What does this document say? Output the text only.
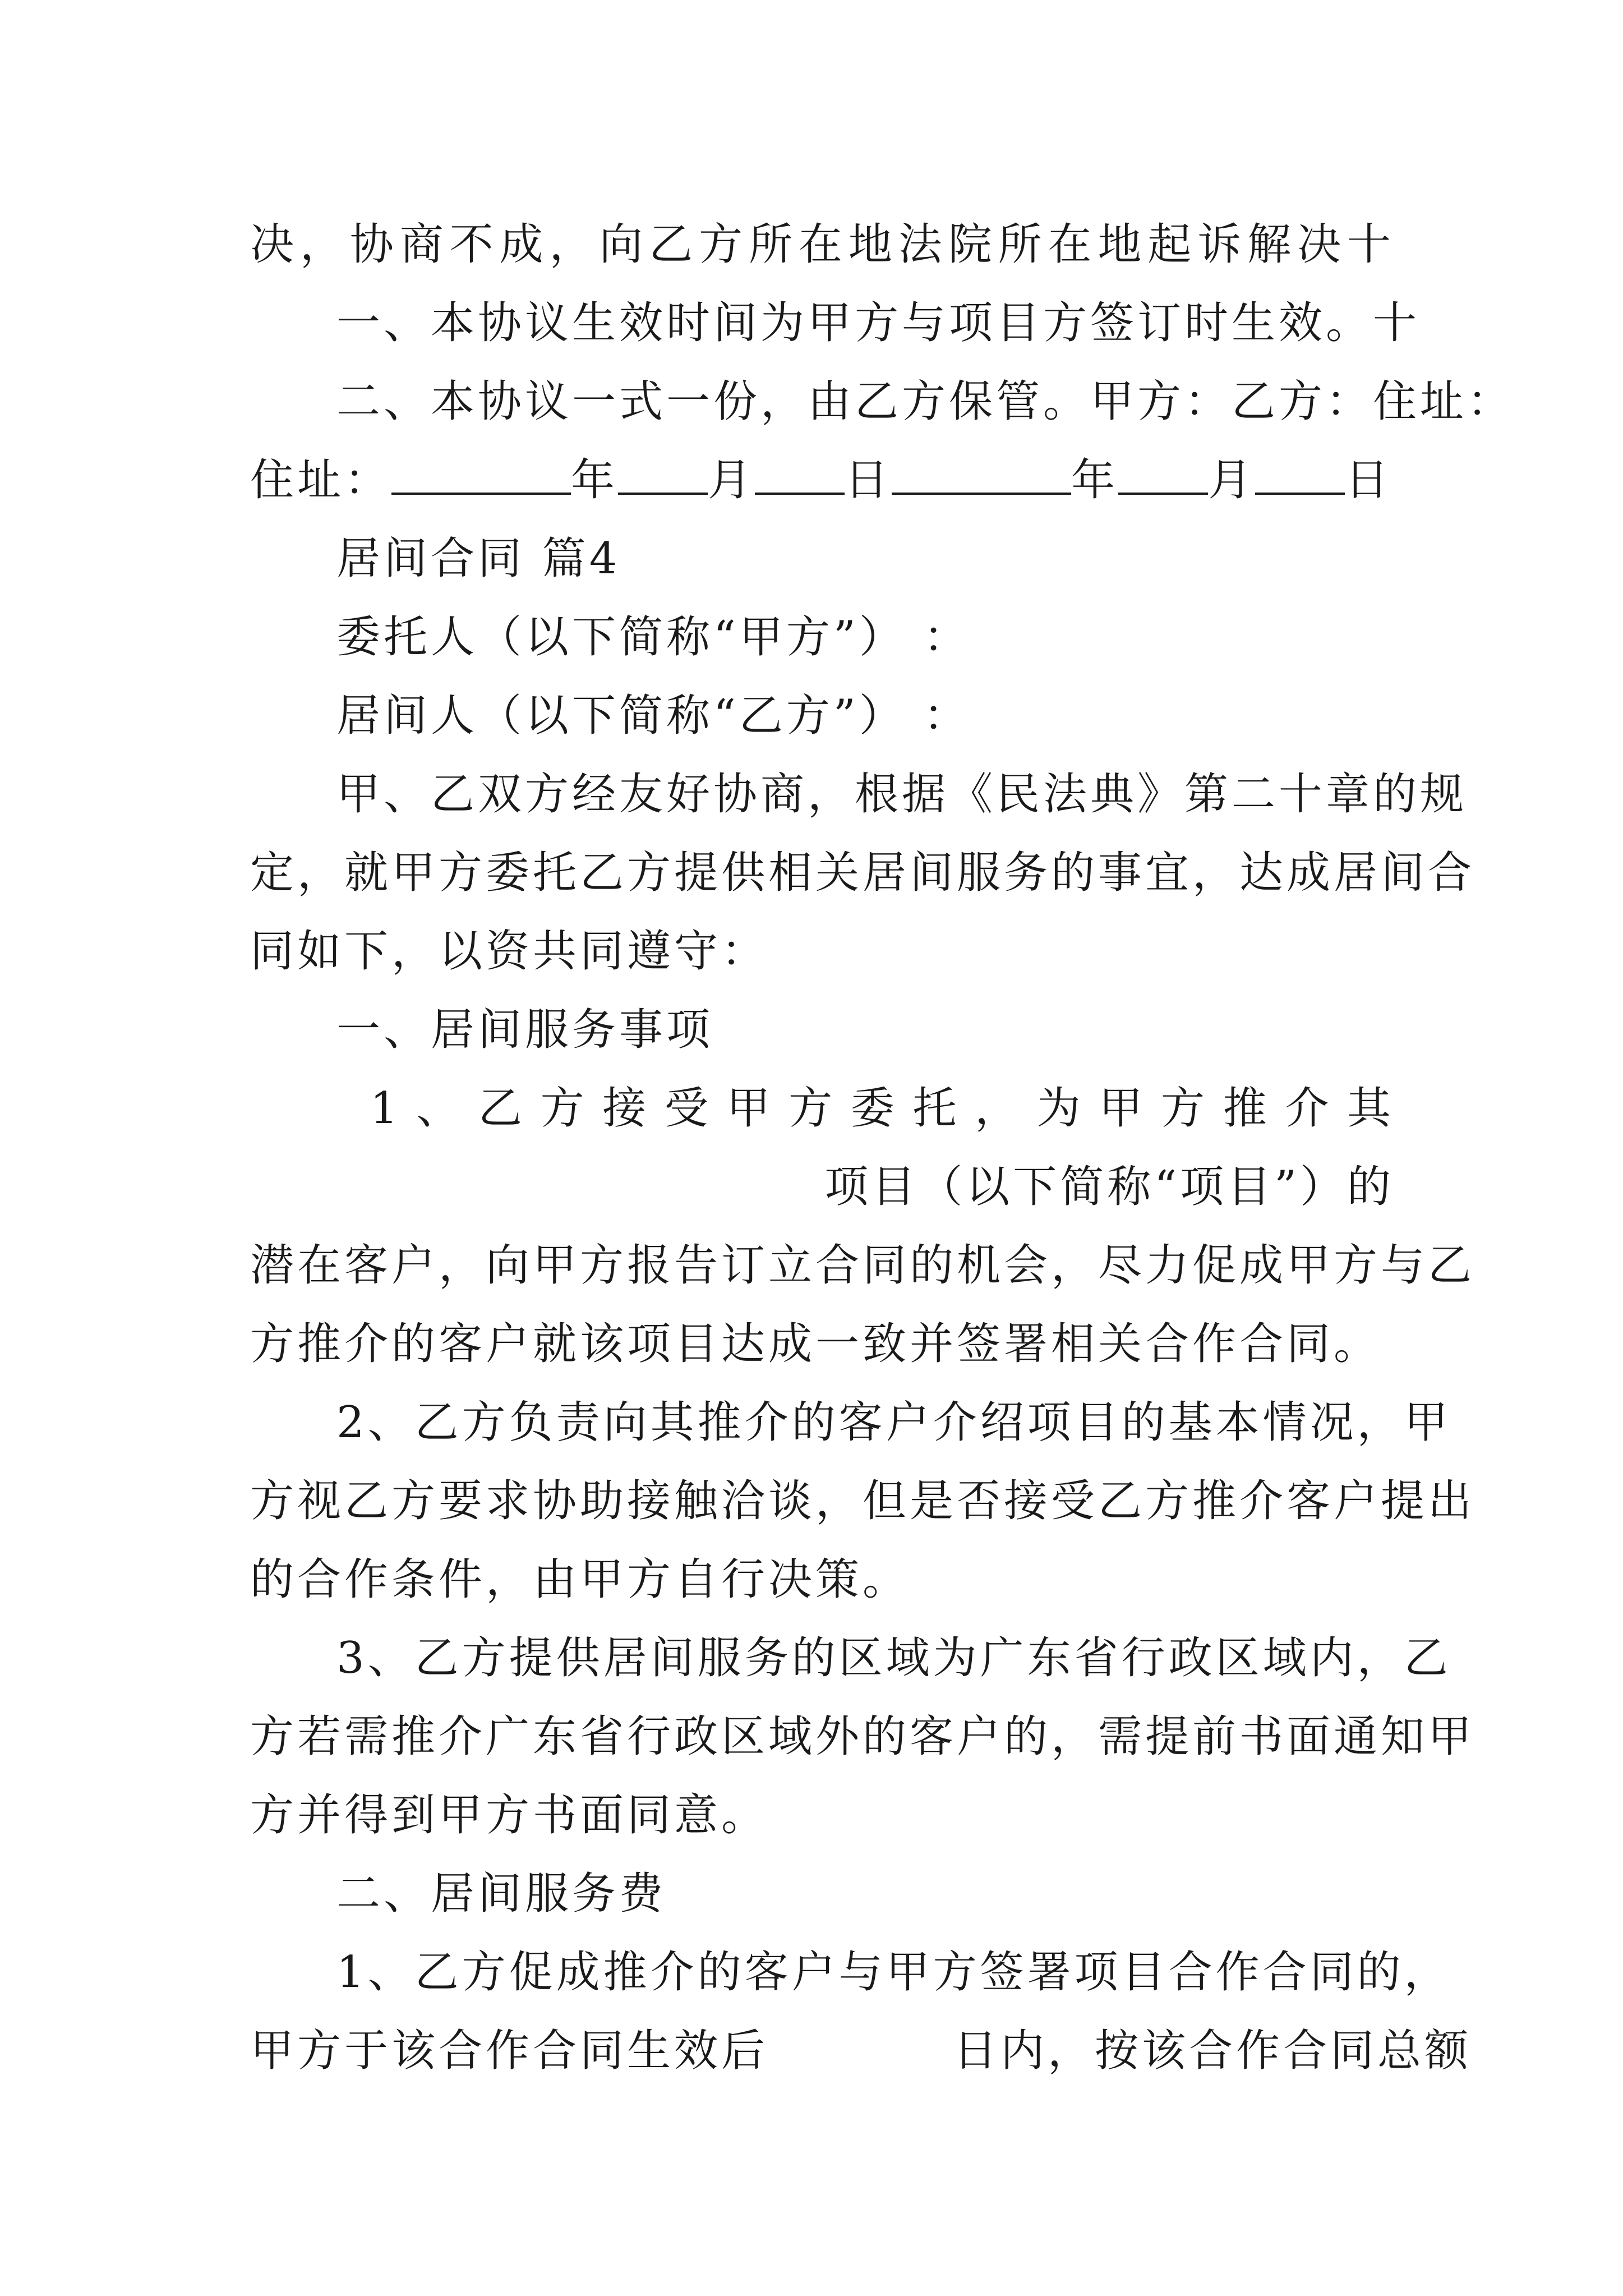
决，协商不成，向乙方所在地法院所在地起诉解决十
一、本协议生效时间为甲方与项目方签订时生效。十
二、本协议一式一份，由乙方保管。甲方：乙方：住址：
住址：	年 月 日	年 月 日
居间合同 篇4
委托人（以下简称“甲方”） ：
居间人（以下简称“乙方”） ：
甲、乙双方经友好协商，根据《民法典》第二十章的规
定，就甲方委托乙方提供相关居间服务的事宜，达成居间合
同如下，以资共同遵守：
一、居间服务事项
1、乙方接受甲方委托，为甲方推介其
项目（以下简称“项目”）的
潜在客户，向甲方报告订立合同的机会，尽力促成甲方与乙
方推介的客户就该项目达成一致并签署相关合作合同。
2、乙方负责向其推介的客户介绍项目的基本情况，甲
方视乙方要求协助接触洽谈，但是否接受乙方推介客户提出
的合作条件，由甲方自行决策。
3、乙方提供居间服务的区域为广东省行政区域内，乙
方若需推介广东省行政区域外的客户的，需提前书面通知甲
方并得到甲方书面同意。
二、居间服务费
1、乙方促成推介的客户与甲方签署项目合作合同的，
甲方于该合作合同生效后	日内，按该合作合同总额
